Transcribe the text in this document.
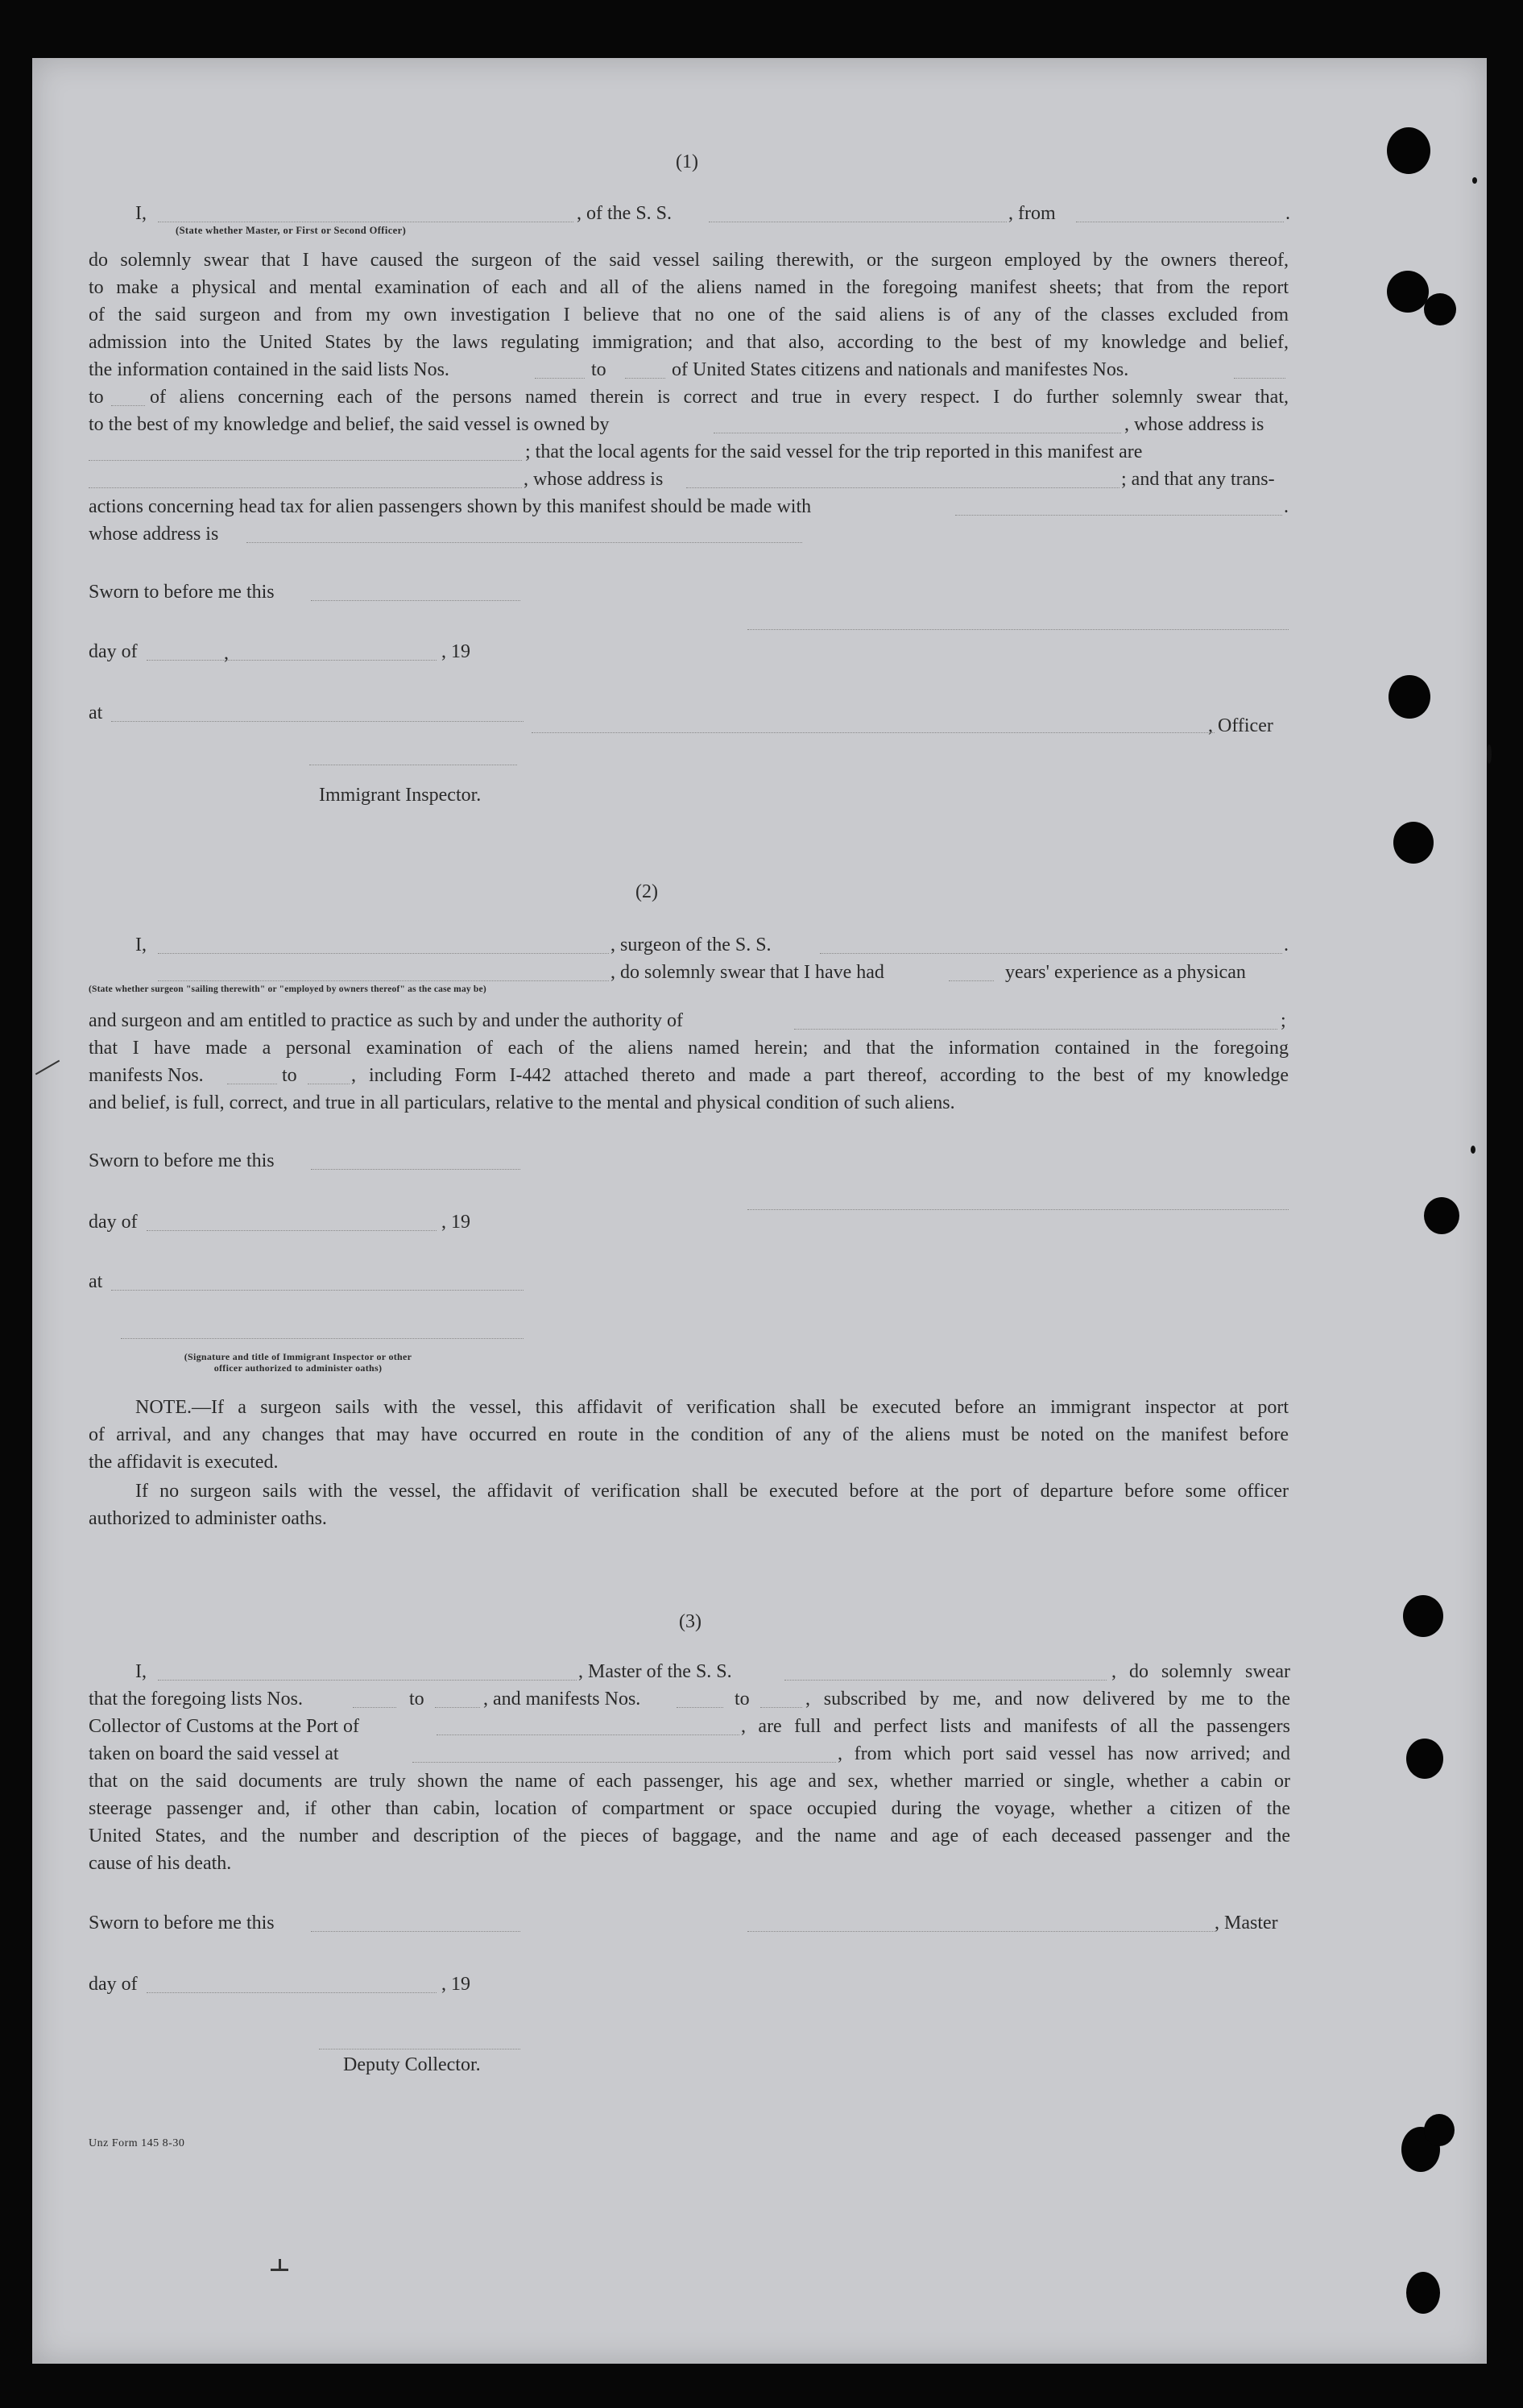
(1)
I,	, of the S. S.	, from	.
(State whether Master, or First or Second Officer)
do solemnly swear that I have caused the surgeon of the said vessel sailing therewith, or the surgeon employed by the owners thereof,
to make a physical and mental examination of each and all of the aliens named in the foregoing manifest sheets; that from the report
of the said surgeon and from my own investigation I believe that no one of the said aliens is of any of the classes excluded from
admission into the United States by the laws regulating immigration; and that also, according to the best of my knowledge and belief,
the information contained in the said lists Nos.	to	of United States citizens and nationals and manifestes Nos.
to of aliens concerning each of the persons named therein is correct and true in every respect. I do further solemnly swear that,
to the best of my knowledge and belief, the said vessel is owned by	, whose address is
; that the local agents for the said vessel for the trip reported in this manifest are
, whose address is	; and that any trans-
actions concerning head tax for alien passengers shown by this manifest should be made with	.
whose address is
Sworn to before me this
day of	,	, 19
at
, Officer
Immigrant Inspector.
(2)
I,	, surgeon of the S. S.	.
, do solemnly swear that I have had	years' experience as a physican
(State whether surgeon "sailing therewith" or "employed by owners thereof" as the case may be)
and surgeon and am entitled to practice as such by and under the authority of	;
that I have made a personal examination of each of the aliens named herein; and that the information contained in the foregoing
manifests Nos.	to	, including Form I-442 attached thereto and made a part thereof, according to the best of my knowledge
and belief, is full, correct, and true in all particulars, relative to the mental and physical condition of such aliens.
Sworn to before me this
day of	, 19
at
(Signature and title of Immigrant Inspector or other
officer authorized to administer oaths)
NOTE.—If a surgeon sails with the vessel, this affidavit of verification shall be executed before an immigrant inspector at port
of arrival, and any changes that may have occurred en route in the condition of any of the aliens must be noted on the manifest before
the affidavit is executed.
If no surgeon sails with the vessel, the affidavit of verification shall be executed before at the port of departure before some officer
authorized to administer oaths.
(3)
I,	, Master of the S. S.	, do solemnly swear
that the foregoing lists Nos.	to	, and manifests Nos.	to	, subscribed by me, and now delivered by me to the
Collector of Customs at the Port of	, are full and perfect lists and manifests of all the passengers
taken on board the said vessel at	, from which port said vessel has now arrived; and
that on the said documents are truly shown the name of each passenger, his age and sex, whether married or single, whether a cabin or
steerage passenger and, if other than cabin, location of compartment or space occupied during the voyage, whether a citizen of the
United States, and the number and description of the pieces of baggage, and the name and age of each deceased passenger and the
cause of his death.
Sworn to before me this	, Master
day of	, 19
Deputy Collector.
Unz Form 145 8-30
